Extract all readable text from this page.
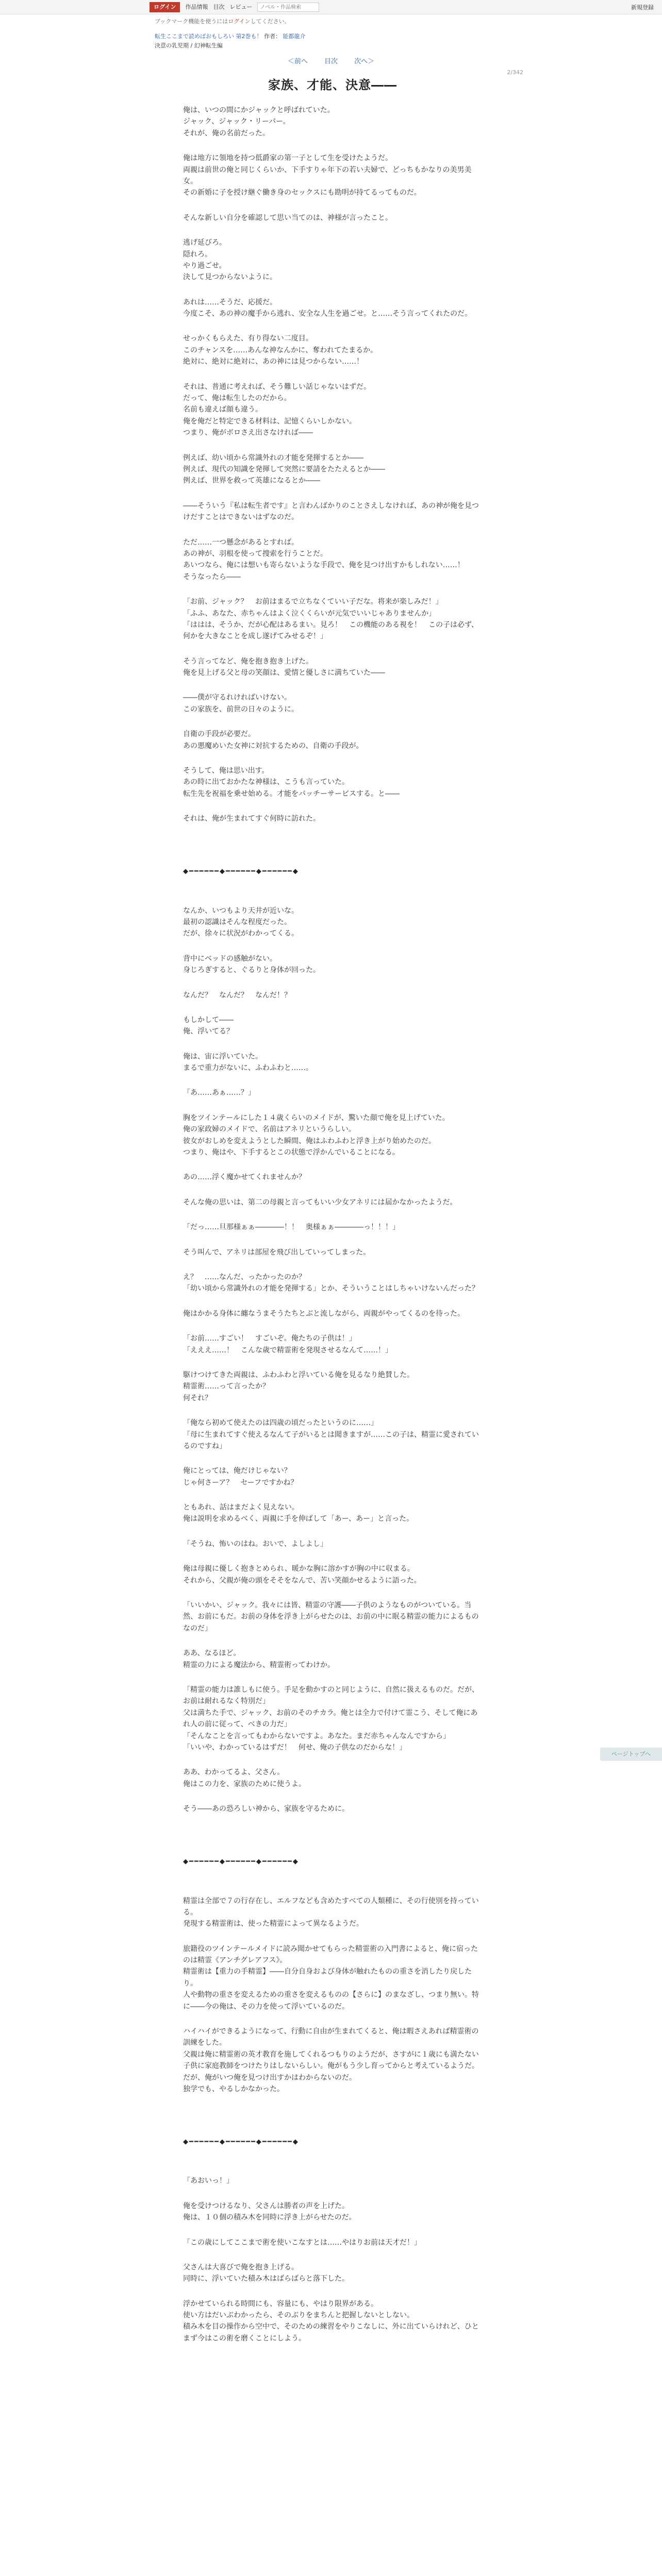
ログイン	作品情報 目次 レビュー
ノベル・作品検索	新規登録
ブックマーク機能を使うにはログインしてください。
転生ここまで読めばおもしろい 第2巻も！ 作者： 能都龍介
決意の乳児期 / 幻神転生編
＜前へ 目次 次へ＞
2/342
家族、才能、決意――

俺は、いつの間にかジャックと呼ばれていた。
ジャック、ジャック・リーパー。
それが、俺の名前だった。

俺は地方に領地を持つ低爵家の第一子として生を受けたようだ。
両親は前世の俺と同じくらいか、下手すりゃ年下の若い夫婦で、どっちもかなりの美男美女。
その新婚に子を授け継ぐ働き身のセックスにも勘明が持てるってものだ。

そんな新しい自分を確認して思い当てのは、神様が言ったこと。

逃げ延びろ。
隠れろ。
やり過ごせ。
決して見つからないように。

あれは……そうだ、応援だ。
今度こそ、あの神の魔手から逃れ、安全な人生を過ごせ。と……そう言ってくれたのだ。

せっかくもらえた、有り得ない二度目。
このチャンスを……あんな神なんかに、奪われてたまるか。
絶対に、絶対に絶対に、あの神には見つからない……！

それは、普通に考えれば、そう難しい話じゃないはずだ。
だって、俺は転生したのだから。
名前も違えば顔も違う。
俺を俺だと特定できる材料は、記憶くらいしかない。
つまり、俺がボロさえ出さなければ――

例えば、幼い頃から常識外れの才能を発揮するとか――
例えば、現代の知識を発揮して突然に要請をたたえるとか――
例えば、世界を救って英雄になるとか――

――そういう『私は転生者です』と言わんばかりのことさえしなければ、あの神が俺を見つけだすことはできないはずなのだ。

ただ……一つ懸念があるとすれば。
あの神が、羽根を使って捜索を行うことだ。
あいつなら、俺には想いも寄らないような手段で、俺を見つけ出すかもしれない……！
そうなったら――

「お前、ジャック？　お前はまるで立ちなくていい子だな。将来が楽しみだ！」
「ふふ、あなた、赤ちゃんはよく泣くくらいが元気でいいじゃありませんか」
「ははは、そうか、だが心配はあるまい。見ろ！　この機能のある視を！　この子は必ず、何かを大きなことを成し遂げてみせるぞ！」

そう言ってなど、俺を抱き抱き上げた。
俺を見上げる父と母の笑顔は、愛情と優しさに満ちていた――

――僕が守るれければいけない。
この家族を、前世の日々のように。

自衛の手段が必要だ。
あの悪魔めいた女神に対抗するための、自衛の手段が。

そうして、俺は思い出す。
あの時に出ておかたな神様は、こうも言っていた。
転生先を祝福を乗せ始める。才能をパッチーサービスする。と――

それは、俺が生まれてすぐ何時に訪れた。

◆━━━━━━◆━━━━━━◆━━━━━━◆

なんか、いつもより天井が近いな。
最初の認識はそんな程度だった。
だが、徐々に状況がわかってくる。

背中にベッドの感触がない。
身じろぎすると、ぐるりと身体が回った。

なんだ？　なんだ？　なんだ！？

もしかして――
俺、浮いてる？

俺は、宙に浮いていた。
まるで重力がないに、ふわふわと……。

「あ……あぁ……？」

胸をツインテールにした１４歳くらいのメイドが、驚いた顔で俺を見上げていた。
俺の家政婦のメイドで、名前はアネリというらしい。
彼女がおしめを変えようとした瞬間、俺はふわふわと浮き上がり始めたのだ。
つまり、俺はや、下手するとこの状態で浮かんでいることになる。

あの……浮く魔かせてくれませんか？

そんな俺の思いは、第二の母親と言ってもいい少女アネリには届かなかったようだ。

「だっ……旦那様ぁぁ――――！！　奥様ぁぁ――――っ！！！」

そう叫んで、アネリは部屋を飛び出していってしまった。

え？　……なんだ、ったかったのか？
「幼い頃から常識外れの才能を発揮する」とか、そういうことはしちゃいけないんだった？

俺はかかる身体に纏なうまそうたちとぶと流しながら、両親がやってくるのを待った。

「お前……すごい！　すごいぞ。俺たちの子供は！」
「えええ……！　こんな歳で精霊術を発現させるなんて……！」

駆けつけてきた両親は、ふわふわと浮いている俺を見るなり絶賛した。
精霊術……って言ったか？
何それ？

「俺なら初めて使えたのは四歳の頃だったというのに……」
「母に生まれてすぐ使えるなんて子がいるとは聞きますが……この子は、精霊に愛されているのですね」

俺にとっては、俺だけじゃない？
じゃ何さーア？　セーフですかね？

ともあれ、話はまだよく見えない。
俺は説明を求めるべく、両親に手を伸ばして「あー、あー」と言った。

「そうね、怖いのはね。おいで、よしよし」

俺は母親に優しく抱きとめられ、暖かな胸に溶かすが胸の中に収まる。
それから、父親が俺の頭をそそをなんで、苦い笑顔かせるように語った。

「いいかい、ジャック。我々には皆、精霊の守護――子供のようなものがついている。当然、お前にもだ。お前の身体を浮き上がらせたのは、お前の中に眠る精霊の能力によるものなのだ」

ああ、なるほど。
精霊の力による魔法から、精霊術ってわけか。

「精霊の能力は誰しもに使う。手足を動かすのと同じように、自然に扱えるものだ。だが、お前は耐れるなく特別だ」
父は満ちた手で、ジャック、お前のそのチカラ。俺とは全力で付けて霊こう、そして俺にあれ人の前に従って、べきの力だ」
「そんなことを言ってもわからないですよ。あなた。まだ赤ちゃんなんですから」
「いいや、わかっているはずだ！　何せ、俺の子供なのだからな！」

ああ、わかってるよ、父さん。
俺はこの力を、家族のために使うよ。

そう――あの恐ろしい神から、家族を守るために。

◆━━━━━━◆━━━━━━◆━━━━━━◆

精霊は全部で７の行存在し、エルフなども含めたすべての人類種に、その行使別を持っている。
発現する精霊術は、使った精霊によって異なるようだ。

旅籍役のツインテールメイドに読み聞かせてもらった精霊術の入門書によると、俺に宿ったのは精霊《アンチグレアフス》。
精霊術は【重力の手精霊】――自分自身および身体が触れたものの重さを消したり戻したり。
人や動物の重さを変えるための重さを変えるものの【さらに】のまなざし、つまり無い。特に――今の俺は、その力を使って浮いているのだ。

ハイハイができるようになって、行動に自由が生まれてくると、俺は暇さえあれば精霊術の訓練をした。
父親は俺に精霊術の英才教育を施してくれるつもりのようだが、さすがに１歳にも満たない子供に家庭教師をつけたりはしないらしい。俺がもう少し育ってからと考えているようだ。
だが、俺がいつ俺を見つけ出すかはわからないのだ。
独学でも、やるしかなかった。

◆━━━━━━◆━━━━━━◆━━━━━━◆

「あおいっ！」

俺を受けつけるなり、父さんは勝者の声を上げた。
俺は、１０個の積み木を同時に浮き上がらせたのだ。

「この歳にしてここまで術を使いこなすとは……やはりお前は天才だ！」

父さんは大喜びで俺を抱き上げる。
同時に、浮いていた積み木はばらばらと落下した。

浮かせていられる時間にも、容量にも、やはり限界がある。
使い方はだいぶわかったら、そのぶりをまちんと把握しないとしない。
積み木を目の操作から空中で、そのための練習をやりこなしに、外に出ていらけれど、ひとまず今はこの術を磨くことにしよう。

ページトップへ
